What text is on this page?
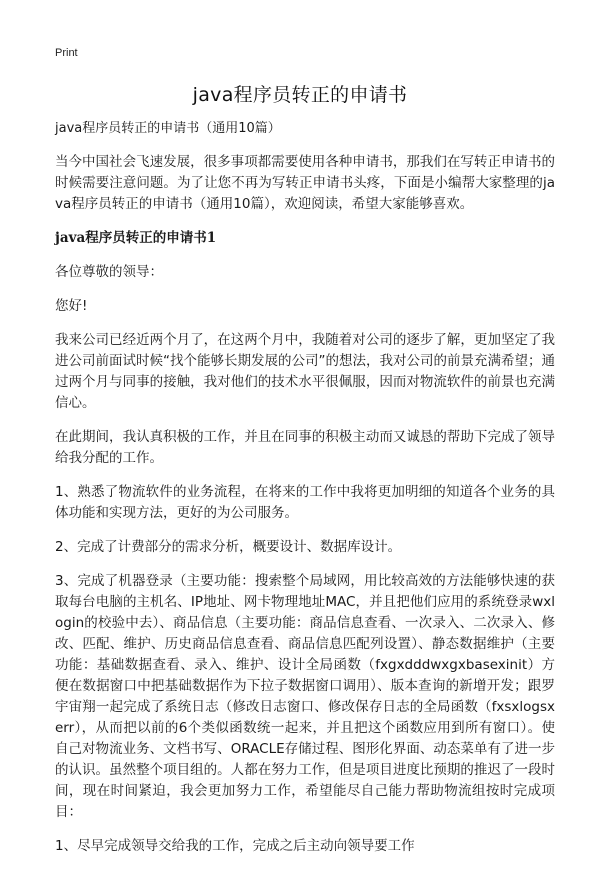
Print
java程序员转正的申请书

java程序员转正的申请书（通用10篇）

当今中国社会飞速发展，很多事项都需要使用各种申请书，那我们在写转正申请书的时候需要注意问题。为了让您不再为写转正申请书头疼，下面是小编帮大家整理的java程序员转正的申请书（通用10篇），欢迎阅读，希望大家能够喜欢。

java程序员转正的申请书1

各位尊敬的领导：

您好!

我来公司已经近两个月了，在这两个月中，我随着对公司的逐步了解，更加坚定了我进公司前面试时候“找个能够长期发展的公司”的想法，我对公司的前景充满希望；通过两个月与同事的接触，我对他们的技术水平很佩服，因而对物流软件的前景也充满信心。

在此期间，我认真积极的工作，并且在同事的积极主动而又诚恳的帮助下完成了领导给我分配的工作。

1、熟悉了物流软件的业务流程，在将来的工作中我将更加明细的知道各个业务的具体功能和实现方法，更好的为公司服务。

2、完成了计费部分的需求分析，概要设计、数据库设计。

3、完成了机器登录（主要功能：搜索整个局域网，用比较高效的方法能够快速的获取每台电脑的主机名、IP地址、网卡物理地址MAC，并且把他们应用的系统登录wxlogin的校验中去）、商品信息（主要功能：商品信息查看、一次录入、二次录入、修改、匹配、维护、历史商品信息查看、商品信息匹配列设置）、静态数据维护（主要功能：基础数据查看、录入、维护、设计全局函数（fxgxdddwxgxbasexinit）方便在数据窗口中把基础数据作为下拉子数据窗口调用）、版本查询的新增开发；跟罗宇宙翔一起完成了系统日志（修改日志窗口、修改保存日志的全局函数（fxsxlogsxerr），从而把以前的6个类似函数统一起来，并且把这个函数应用到所有窗口）。使自己对物流业务、文档书写、ORACLE存储过程、图形化界面、动态菜单有了进一步的认识。虽然整个项目组的。人都在努力工作，但是项目进度比预期的推迟了一段时间，现在时间紧迫，我会更加努力工作，希望能尽自己能力帮助物流组按时完成项目：

1、尽早完成领导交给我的工作，完成之后主动向领导要工作
